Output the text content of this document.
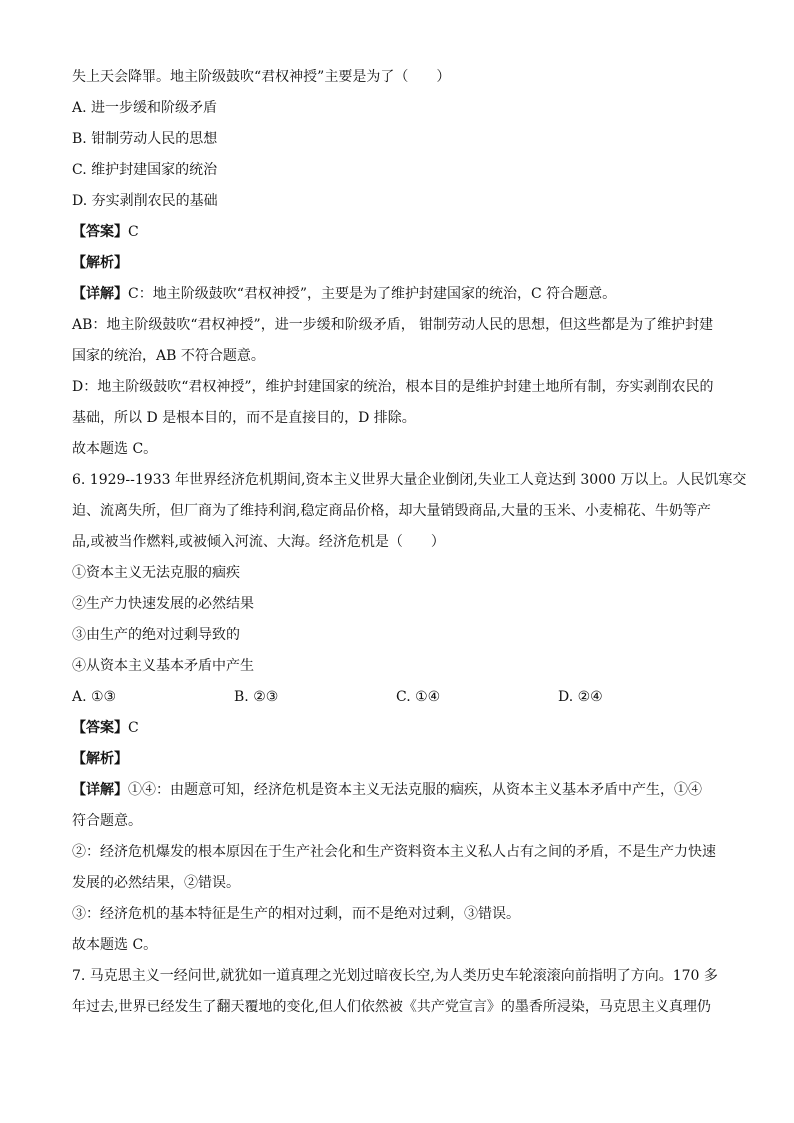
失上天会降罪。地主阶级鼓吹“君权神授”主要是为了（　　）
A. 进一步缓和阶级矛盾
B. 钳制劳动人民的思想
C. 维护封建国家的统治
D. 夯实剥削农民的基础
【答案】C
【解析】
【详解】C：地主阶级鼓吹“君权神授”，主要是为了维护封建国家的统治，C 符合题意。
AB：地主阶级鼓吹“君权神授”，进一步缓和阶级矛盾， 钳制劳动人民的思想，但这些都是为了维护封建
国家的统治，AB 不符合题意。
D：地主阶级鼓吹“君权神授”，维护封建国家的统治，根本目的是维护封建土地所有制，夯实剥削农民的
基础，所以 D 是根本目的，而不是直接目的，D 排除。
故本题选 C。
6. 1929--1933 年世界经济危机期间,资本主义世界大量企业倒闭,失业工人竟达到 3000 万以上。人民饥寒交
迫、流离失所，但厂商为了维持利润,稳定商品价格，却大量销毁商品,大量的玉米、小麦棉花、牛奶等产
品,或被当作燃料,或被倾入河流、大海。经济危机是（　　）
①资本主义无法克服的痼疾
②生产力快速发展的必然结果
③由生产的绝对过剩导致的
④从资本主义基本矛盾中产生
A. ①③	B. ②③	C. ①④	D. ②④
【答案】C
【解析】
【详解】①④：由题意可知，经济危机是资本主义无法克服的痼疾，从资本主义基本矛盾中产生，①④
符合题意。
②：经济危机爆发的根本原因在于生产社会化和生产资料资本主义私人占有之间的矛盾，不是生产力快速
发展的必然结果，②错误。
③：经济危机的基本特征是生产的相对过剩，而不是绝对过剩，③错误。
故本题选 C。
7. 马克思主义一经问世,就犹如一道真理之光划过暗夜长空,为人类历史车轮滚滚向前指明了方向。170 多
年过去,世界已经发生了翻天覆地的变化,但人们依然被《共产党宣言》的墨香所浸染，马克思主义真理仍
